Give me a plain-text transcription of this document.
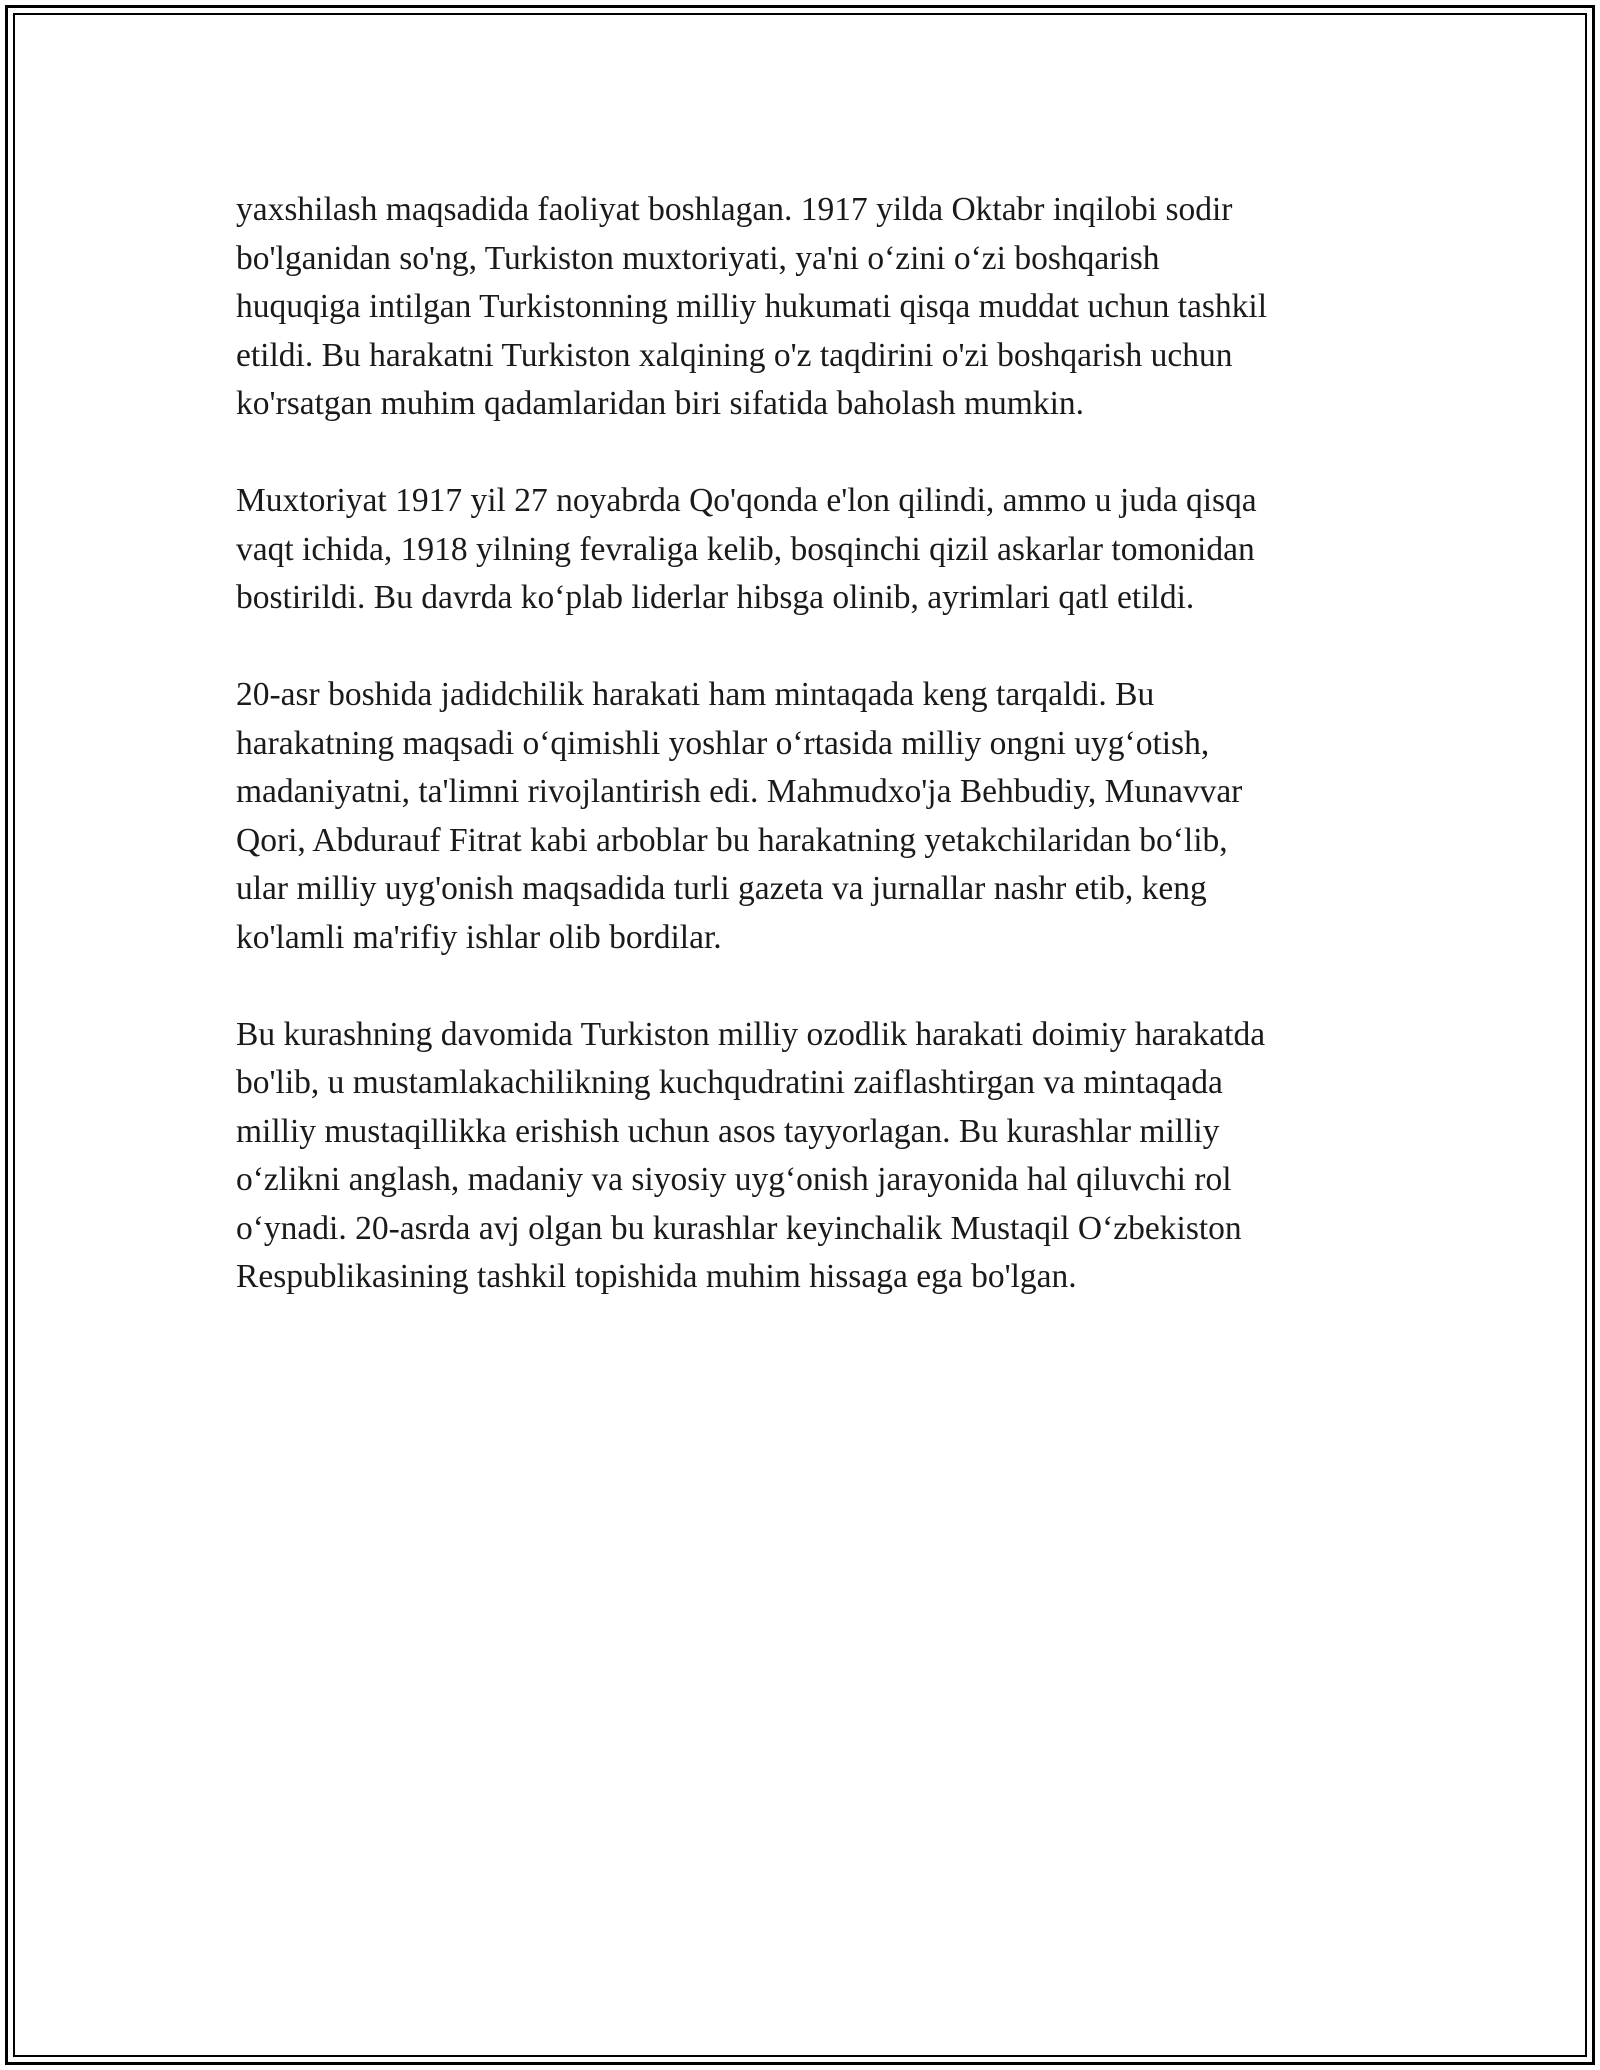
yaxshilash maqsadida faoliyat boshlagan. 1917 yilda Oktabr inqilobi sodir
bo'lganidan so'ng, Turkiston muxtoriyati, ya'ni o‘zini o‘zi boshqarish
huquqiga intilgan Turkistonning milliy hukumati qisqa muddat uchun tashkil
etildi. Bu harakatni Turkiston xalqining o'z taqdirini o'zi boshqarish uchun
ko'rsatgan muhim qadamlaridan biri sifatida baholash mumkin.

Muxtoriyat 1917 yil 27 noyabrda Qo'qonda e'lon qilindi, ammo u juda qisqa
vaqt ichida, 1918 yilning fevraliga kelib, bosqinchi qizil askarlar tomonidan
bostirildi. Bu davrda ko‘plab liderlar hibsga olinib, ayrimlari qatl etildi.

20-asr boshida jadidchilik harakati ham mintaqada keng tarqaldi. Bu
harakatning maqsadi o‘qimishli yoshlar o‘rtasida milliy ongni uyg‘otish,
madaniyatni, ta'limni rivojlantirish edi. Mahmudxo'ja Behbudiy, Munavvar
Qori, Abdurauf Fitrat kabi arboblar bu harakatning yetakchilaridan bo‘lib,
ular milliy uyg'onish maqsadida turli gazeta va jurnallar nashr etib, keng
ko'lamli ma'rifiy ishlar olib bordilar.

Bu kurashning davomida Turkiston milliy ozodlik harakati doimiy harakatda
bo'lib, u mustamlakachilikning kuchqudratini zaiflashtirgan va mintaqada
milliy mustaqillikka erishish uchun asos tayyorlagan. Bu kurashlar milliy
o‘zlikni anglash, madaniy va siyosiy uyg‘onish jarayonida hal qiluvchi rol
o‘ynadi. 20-asrda avj olgan bu kurashlar keyinchalik Mustaqil O‘zbekiston
Respublikasining tashkil topishida muhim hissaga ega bo'lgan.
